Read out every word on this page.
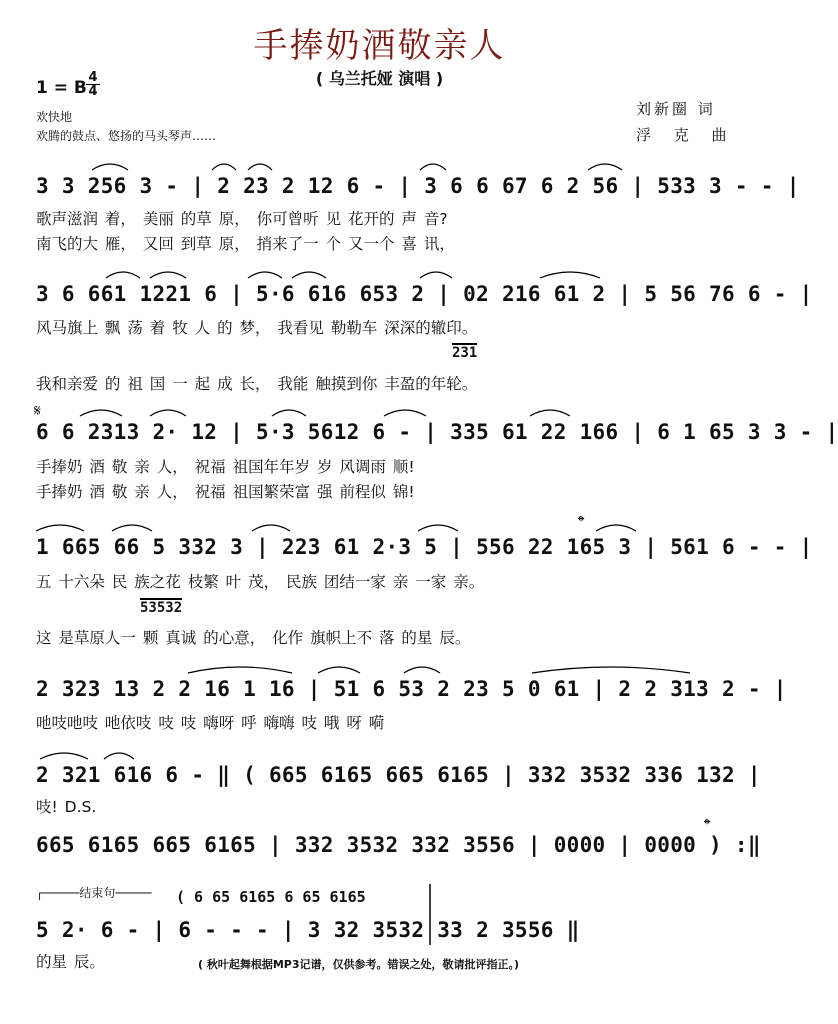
手捧奶酒敬亲人
( 乌兰托娅 演唱 )
1 = B
4
4
欢快地
欢腾的鼓点、悠扬的马头琴声……
刘新圈 词
浮 克 曲
3 3 256 3 - | 2 23 2 12 6 - | 3 6 6 67 6 2 56 | 533 3 - - |
歌声滋润 着， 美丽 的草 原， 你可曾听 见 花开的 声 音?
南飞的大 雁， 又回 到草 原， 捎来了一 个 又一个 喜 讯，
3 6 661 1221 6 | 5·6 616 653 2 | 02 216 61 2 | 5 56 76 6 - |
风马旗上 飘 荡 着 牧 人 的 梦， 我看见 勒勒车 深深的辙印。
231
我和亲爱 的 祖 国 一 起 成 长， 我能 触摸到你 丰盈的年轮。
𝄋
6 6 2313 2· 12 | 5·3 5612 6 - | 335 61 22 166 | 6 1 65 3 3 - |
手捧奶 酒 敬 亲 人， 祝福 祖国年年岁 岁 风调雨 顺!
手捧奶 酒 敬 亲 人， 祝福 祖国繁荣富 强 前程似 锦!
𝄌
1 665 66 5 332 3 | 223 61 2·3 5 | 556 22 165 3 | 561 6 - - |
五 十六朵 民 族之花 枝繁 叶 茂， 民族 团结一家 亲 一家 亲。
53532
这 是草原人一 颗 真诚 的心意， 化作 旗帜上不 落 的星 辰。
2 323 13 2 2 16 1 16 | 51 6 53 2 23 5 0 61 | 2 2 313 2 - |
吔吱吔吱 吔依吱 吱 吱 嗨呀 呼 嗨嗨 吱 哦 呀 嗬
2 321 616 6 - ‖ ( 665 6165 665 6165 | 332 3532 336 132 |
吱! D.S.
𝄌
665 6165 665 6165 | 332 3532 332 3556 | 0000 | 0000 ) :‖
┌─────结束句───── ( 6 65 6165 6 65 6165
5 2· 6 - | 6 - - - | 3 32 3532 33 2 3556 ‖
的星 辰。	( 秋叶起舞根据MP3记谱，仅供参考。错误之处，敬请批评指正。)
